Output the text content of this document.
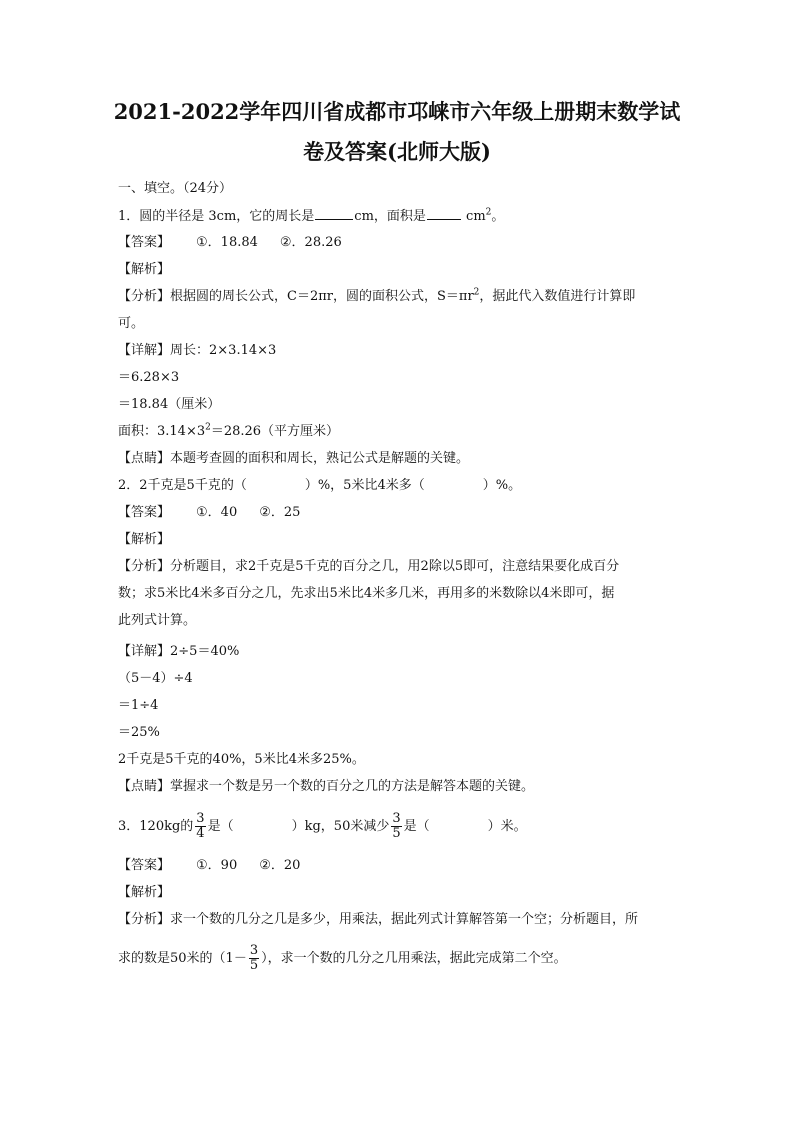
2021-2022学年四川省成都市邛崃市六年级上册期末数学试
卷及答案(北师大版)
一、填空。（24分）
1．圆的半径是 3cm，它的周长是	cm，面积是	$cm^2$。
【答案】 ①．18.84 ②．28.26
【解析】
【分析】根据圆的周长公式，C＝2πr，圆的面积公式，$S=\pi r^2$，据此代入数值进行计算即
可。
【详解】周长：2×3.14×3
＝6.28×3
＝18.84（厘米）
面积：$3.14\times 3^2=28.26$（平方厘米）
【点睛】本题考查圆的面积和周长，熟记公式是解题的关键。
2．2千克是5千克的（	）%，5米比4米多（	）%。
【答案】 ①．40 ②．25
【解析】
【分析】分析题目，求2千克是5千克的百分之几，用2除以5即可，注意结果要化成百分
数；求5米比4米多百分之几，先求出5米比4米多几米，再用多的米数除以4米即可，据
此列式计算。
【详解】2÷5＝40%
（5－4）÷4
＝1÷4
＝25%
2千克是5千克的40%，5米比4米多25%。
【点睛】掌握求一个数是另一个数的百分之几的方法是解答本题的关键。
3．120kg的 $\frac{3}{4}$ 是（	）kg，50米减少 $\frac{3}{5}$ 是（	）米。
【答案】 ①．90 ②．20
【解析】
【分析】求一个数的几分之几是多少，用乘法，据此列式计算解答第一个空；分析题目，所
求的数是50米的（$1- \frac{3}{5}$ ），求一个数的几分之几用乘法，据此完成第二个空。
